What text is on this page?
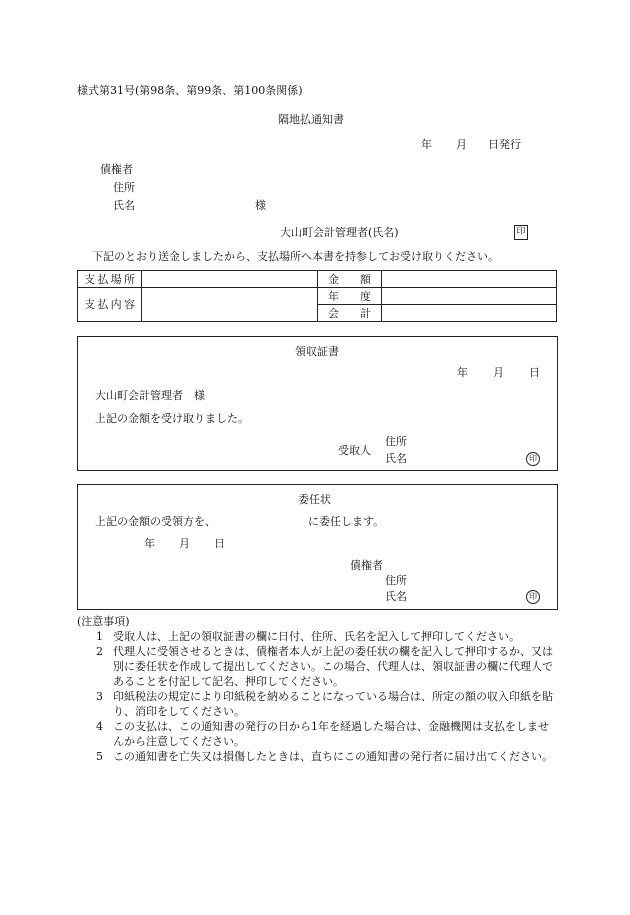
様式第31号(第98条、第99条、第100条関係)
隔地払通知書
年 月 日発行
債権者
住所
氏名	様
大山町会計管理者(氏名)	印
下記のとおり送金しましたから、支払場所へ本書を持参してお受け取りください。
支 払 場 所		金 額	

支 払 内 容		年 度	

		会 計	

領収証書
年 月 日
大山町会計管理者　様
上記の金額を受け取りました。
受取人
住所
氏名	印
委任状
上記の金額の受領方を、	に委任します。
年 月 日
債権者
住所
氏名	印
(注意事項)
1 受取人は、上記の領収証書の欄に日付、住所、氏名を記入して押印してください。
2 代理人に受領させるときは、債権者本人が上記の委任状の欄を記入して押印するか、又は別に委任状を作成して提出してください。この場合、代理人は、領収証書の欄に代理人であることを付記して記名、押印してください。
3 印紙税法の規定により印紙税を納めることになっている場合は、所定の額の収入印紙を貼り、消印をしてください。
4 この支払は、この通知書の発行の日から1年を経過した場合は、金融機関は支払をしませんから注意してください。
5 この通知書を亡失又は損傷したときは、直ちにこの通知書の発行者に届け出てください。
